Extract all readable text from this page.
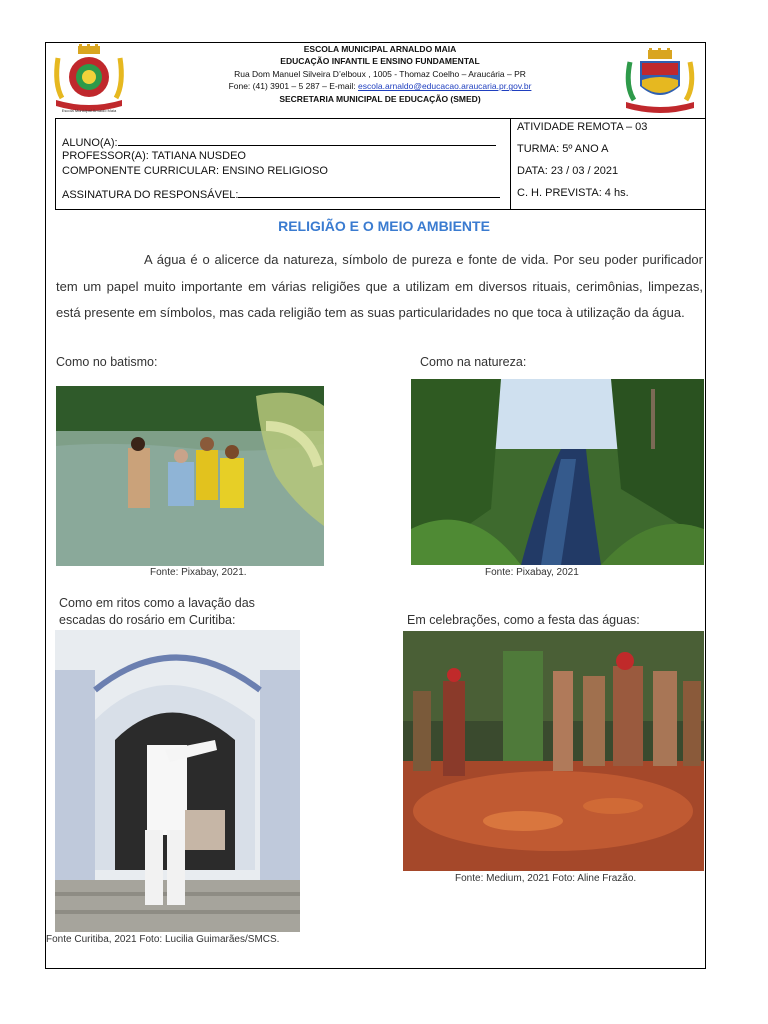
Escola Municipal Arnaldo Maia
ESCOLA MUNICIPAL ARNALDO MAIA
EDUCAÇÃO INFANTIL E ENSINO FUNDAMENTAL
Rua Dom Manuel Silveira D’elboux , 1005 - Thomaz Coelho – Araucária – PR
Fone: (41) 3901 – 5 287 – E-mail: escola.arnaldo@educacao.araucaria.pr.gov.br
SECRETARIA MUNICIPAL DE EDUCAÇÃO (SMED)
ALUNO(A):
PROFESSOR(A): TATIANA NUSDEO
COMPONENTE CURRICULAR: ENSINO RELIGIOSO
ASSINATURA DO RESPONSÁVEL:
ATIVIDADE REMOTA – 03
TURMA: 5º ANO A
DATA: 23 / 03 / 2021
C. H. PREVISTA: 4 hs.
RELIGIÃO E O MEIO AMBIENTE
A água é o alicerce da natureza, símbolo de pureza e fonte de vida. Por seu poder purificador tem um papel muito importante em várias religiões que a utilizam em diversos rituais, cerimônias, limpezas, está presente em símbolos, mas cada religião tem as suas particularidades no que toca à utilização da água.
Como no batismo:	Como na natureza:
Como em ritos como a lavação das
escadas do rosário em Curitiba:	Em celebrações, como a festa das águas:
Fonte: Pixabay, 2021.	Fonte: Pixabay, 2021
Fonte Curitiba, 2021 Foto: Lucilia Guimarães/SMCS.
Fonte: Medium, 2021 Foto: Aline Frazão.
